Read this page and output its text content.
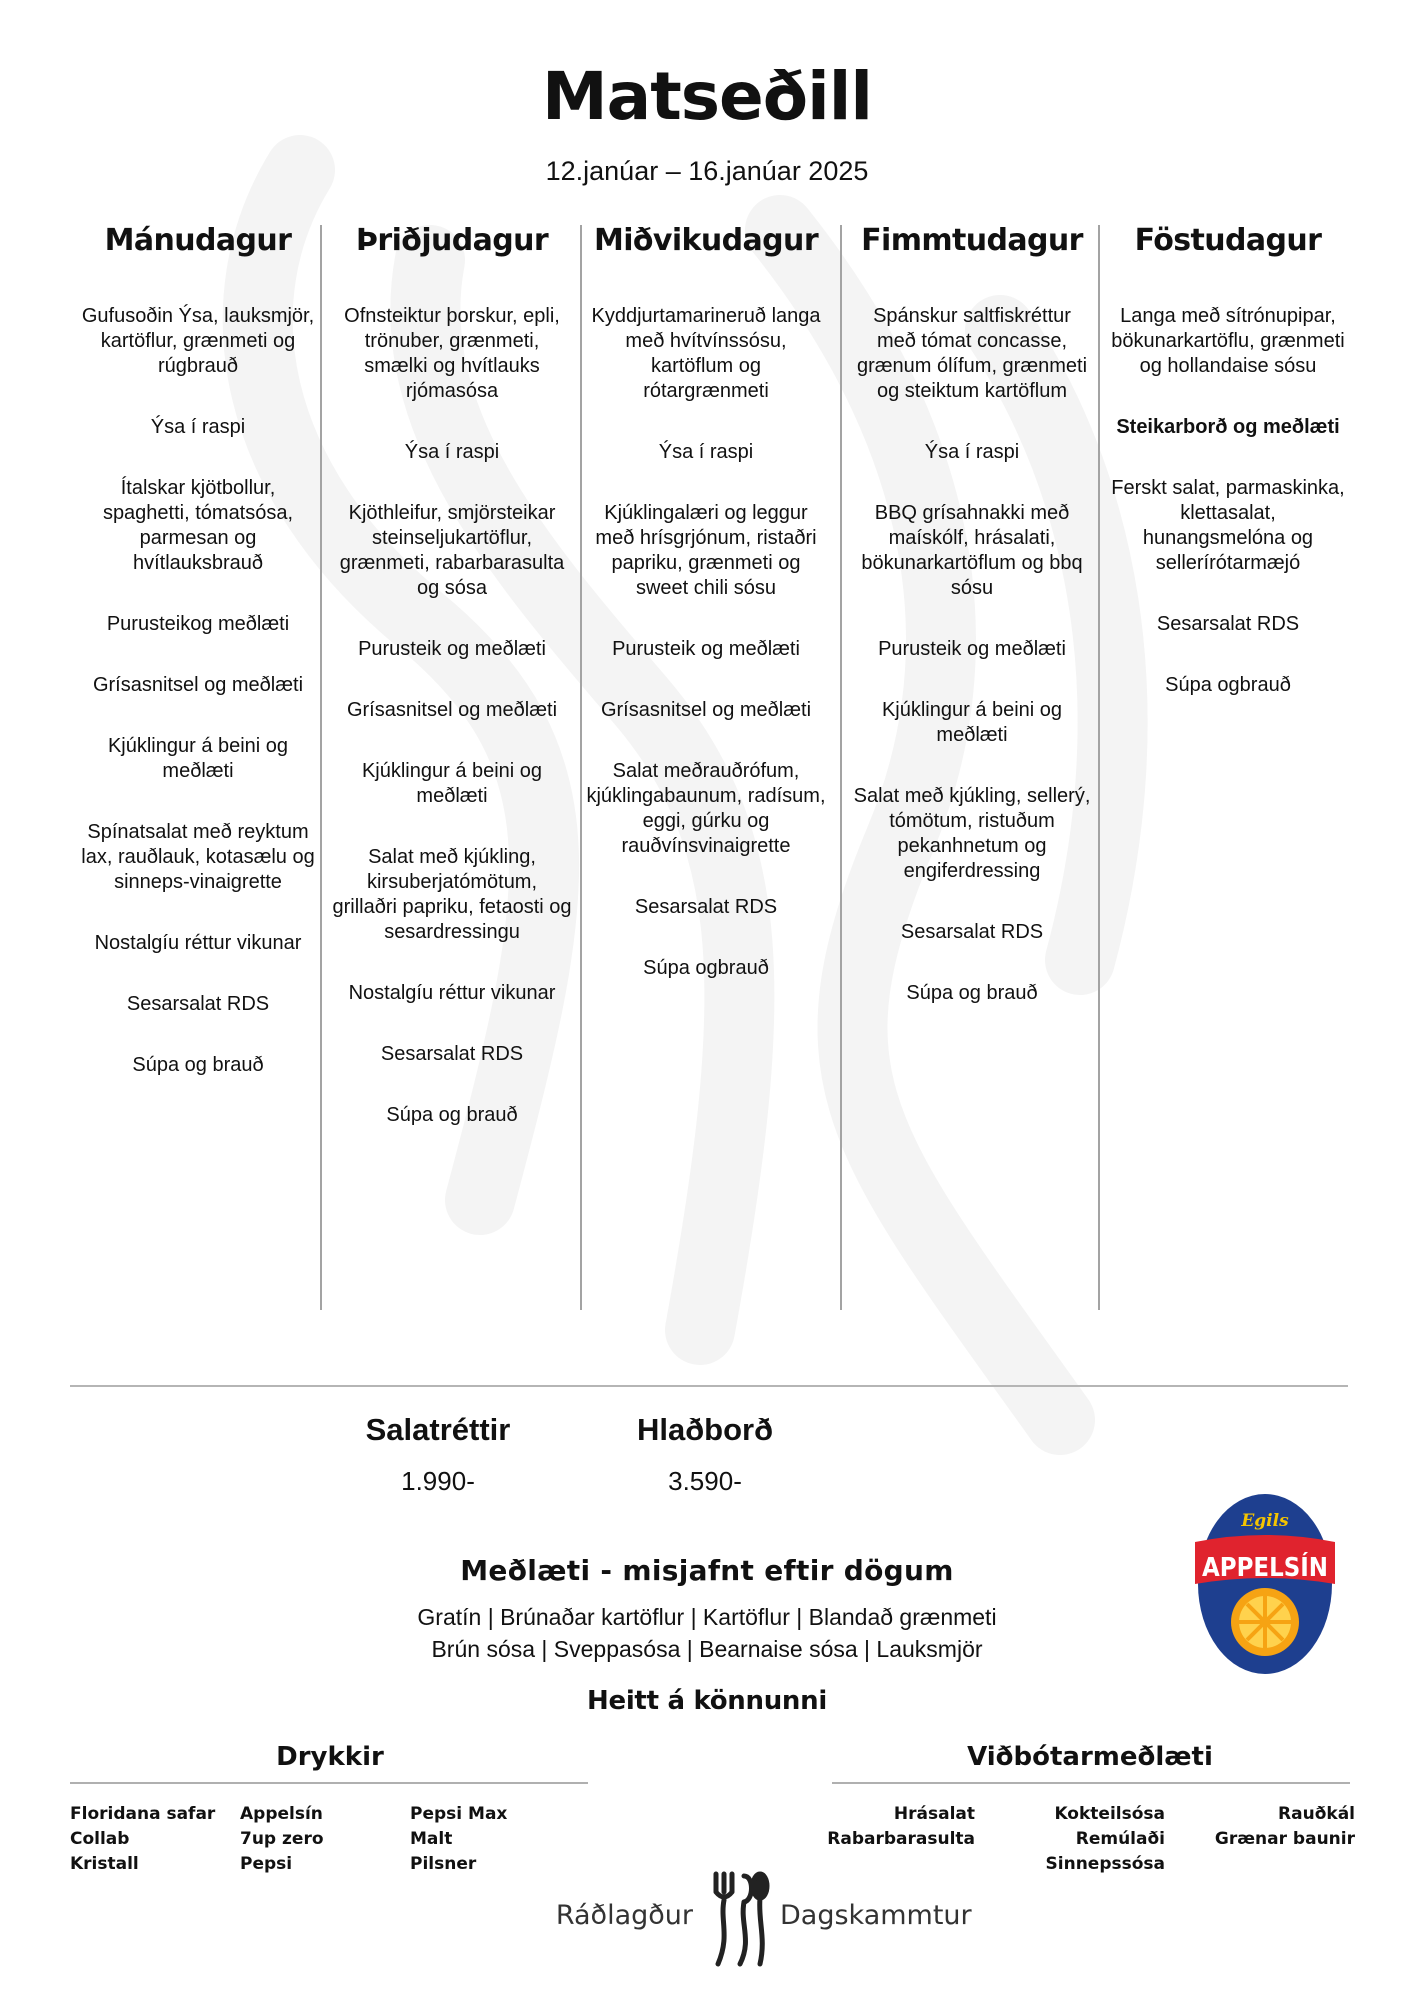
Matseðill
12.janúar – 16.janúar 2025
Mánudagur
Gufusoðin Ýsa, lauksmjör, kartöflur, grænmeti og rúgbrauð
Ýsa í raspi
Ítalskar kjötbollur, spaghetti, tómatsósa, parmesan og hvítlauksbrauð
Purusteikog meðlæti
Grísasnitsel og meðlæti
Kjúklingur á beini og meðlæti
Spínatsalat með reyktum lax, rauðlauk, kotasælu og sinneps-vinaigrette
Nostalgíu réttur vikunar
Sesarsalat RDS
Súpa og brauð
Þriðjudagur
Ofnsteiktur þorskur, epli, trönuber, grænmeti, smælki og hvítlauks rjómasósa
Ýsa í raspi
Kjöthleifur, smjörsteikar steinseljukartöflur, grænmeti, rabarbarasulta og sósa
Purusteik og meðlæti
Grísasnitsel og meðlæti
Kjúklingur á beini og meðlæti
Salat með kjúkling, kirsuberjatómötum, grillaðri papriku, fetaosti og sesardressingu
Nostalgíu réttur vikunar
Sesarsalat RDS
Súpa og brauð
Miðvikudagur
Kyddjurtamarineruð langa með hvítvínssósu, kartöflum og rótargrænmeti
Ýsa í raspi
Kjúklingalæri og leggur með hrísgrjónum, ristaðri papriku, grænmeti og sweet chili sósu
Purusteik og meðlæti
Grísasnitsel og meðlæti
Salat meðrauðrófum, kjúklingabaunum, radísum, eggi, gúrku og rauðvínsvinaigrette
Sesarsalat RDS
Súpa ogbrauð
Fimmtudagur
Spánskur saltfiskréttur með tómat concasse, grænum ólífum, grænmeti og steiktum kartöflum
Ýsa í raspi
BBQ grísahnakki með maískólf, hrásalati, bökunarkartöflum og bbq sósu
Purusteik og meðlæti
Kjúklingur á beini og meðlæti
Salat með kjúkling, sellerý, tómötum, ristuðum pekanhnetum og engiferdressing
Sesarsalat RDS
Súpa og brauð
Föstudagur
Langa með sítrónupipar, bökunarkartöflu, grænmeti og hollandaise sósu
Steikarborð og meðlæti
Ferskt salat, parmaskinka, klettasalat, hunangsmelóna og sellerírótarmæjó
Sesarsalat RDS
Súpa ogbrauð
Salatréttir
1.990-
Hlaðborð
3.590-
Egils
APPELSÍN
Meðlæti - misjafnt eftir dögum
Gratín | Brúnaðar kartöflur | Kartöflur | Blandað grænmeti
Brún sósa | Sveppasósa | Bearnaise sósa | Lauksmjör
Heitt á könnunni
Drykkir
Floridana safar
Collab
Kristall
Appelsín
7up zero
Pepsi
Pepsi Max
Malt
Pilsner
Viðbótarmeðlæti
Hrásalat
Rabarbarasulta
Kokteilsósa
Remúlaði
Sinnepssósa
Rauðkál
Grænar baunir
Ráðlagður	Dagskammtur
